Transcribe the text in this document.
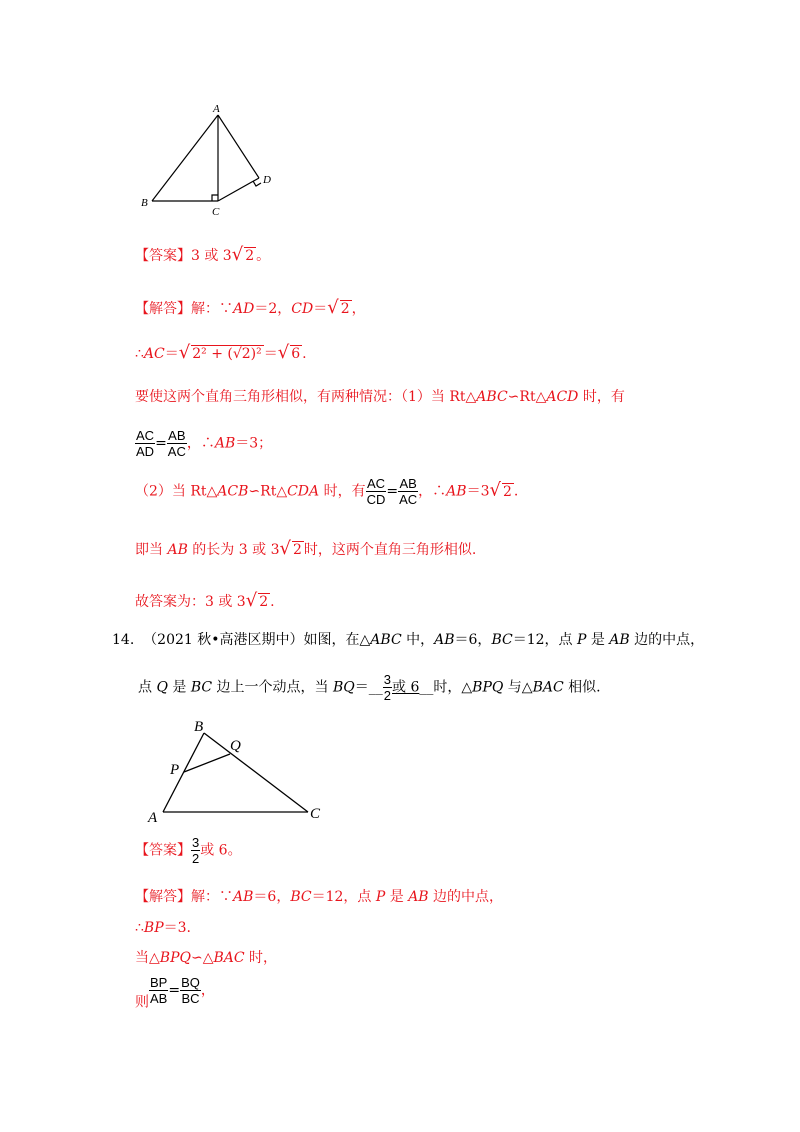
A
B
C
D
【答案】3 或 3√ 2 。
【解答】解：∵AD＝2，CD＝√ 2 ，
∴AC＝√ 2² + (√2)² ＝√ 6 .
要使这两个直角三角形相似，有两种情况：（1）当 Rt△ABC∽Rt△ACD 时，有
$\frac{AC}{AD} = \frac{AB}{AC}$ ，∴AB＝3；
（2）当 Rt△ACB∽Rt△CDA 时，有 $\frac{AC}{CD} = \frac{AB}{AC}$ ，∴AB＝3√ 2 .
即当 AB 的长为 3 或 3√ 2 时，这两个直角三角形相似.
故答案为：3 或 3√ 2 .
14. （2021 秋•高港区期中）如图，在△ABC 中，AB＝6，BC＝12，点 P 是 AB 边的中点，
点 Q 是 BC 边上一个动点，当 BQ＝__ $\frac{3}{2}$ 或 6__时，△BPQ 与△BAC 相似.
A
B
C
P
Q
【答案】 $\frac{3}{2}$ 或 6。
【解答】解：∵AB＝6，BC＝12，点 P 是 AB 边的中点，
∴BP＝3.
当△BPQ∽△BAC 时，
则 $\frac{BP}{AB} = \frac{BQ}{BC}$ ，
